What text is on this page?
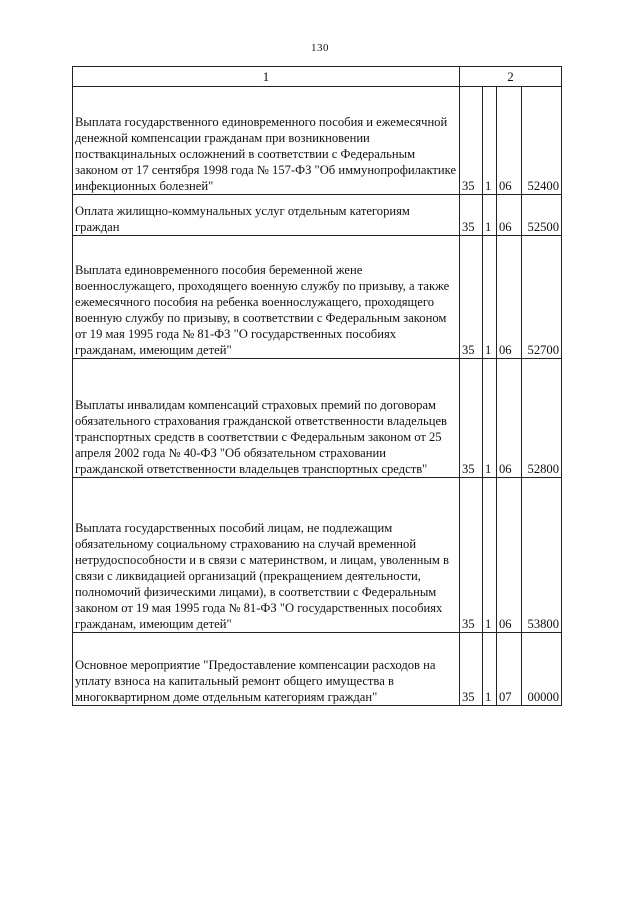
130
1	2			
Выплата государственного единовременного пособия и ежемесячной денежной компенсации гражданам при возникновении поствакцинальных осложнений в соответствии с Федеральным законом от 17 сентября 1998 года № 157-ФЗ "Об иммунопрофилактике инфекционных болезней"	35	1	06	52400
Оплата жилищно-коммунальных услуг отдельным категориям граждан	35	1	06	52500
Выплата единовременного пособия беременной жене военнослужащего, проходящего военную службу по призыву, а также ежемесячного пособия на ребенка военнослужащего, проходящего военную службу по призыву, в соответствии с Федеральным законом от 19 мая 1995 года № 81-ФЗ "О государственных пособиях гражданам, имеющим детей"	35	1	06	52700
Выплаты инвалидам компенсаций страховых премий по договорам обязательного страхования гражданской ответственности владельцев транспортных средств в соответствии с Федеральным законом от 25 апреля 2002 года № 40-ФЗ "Об обязательном страховании гражданской ответственности владельцев транспортных средств"	35	1	06	52800
Выплата государственных пособий лицам, не подлежащим обязательному социальному страхованию на случай временной нетрудоспособности и в связи с материнством, и лицам, уволенным в связи с ликвидацией организаций (прекращением деятельности, полномочий физическими лицами), в соответствии с Федеральным законом от 19 мая 1995 года № 81-ФЗ "О государственных пособиях гражданам, имеющим детей"	35	1	06	53800
Основное мероприятие "Предоставление компенсации расходов на уплату взноса на капитальный ремонт общего имущества в многоквартирном доме отдельным категориям граждан"	35	1	07	00000
